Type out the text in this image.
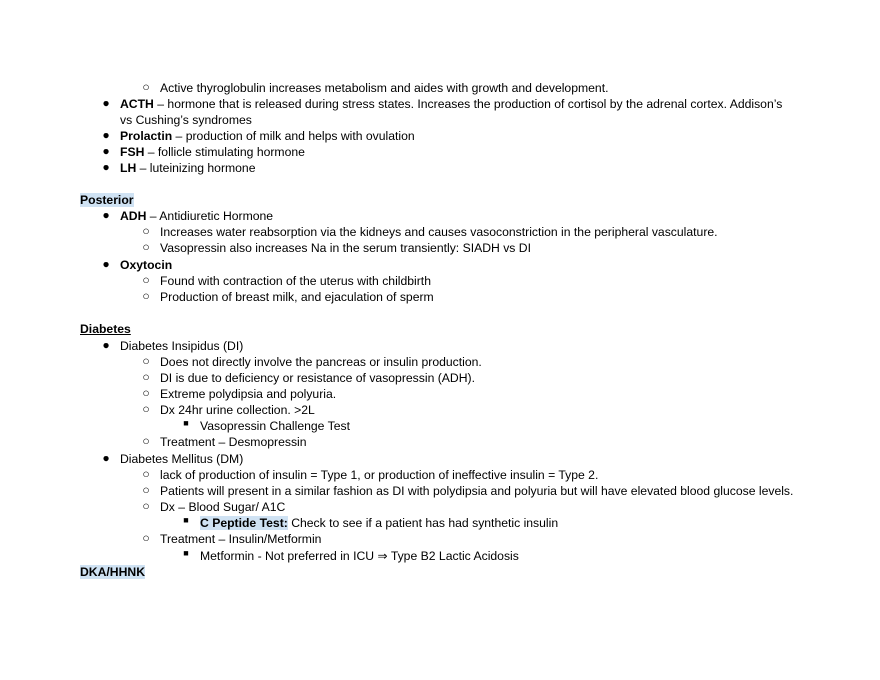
○ Active thyroglobulin increases metabolism and aides with growth and development.
● ACTH – hormone that is released during stress states. Increases the production of cortisol by the adrenal cortex. Addison’s
vs Cushing’s syndromes
● Prolactin – production of milk and helps with ovulation
● FSH – follicle stimulating hormone
● LH – luteinizing hormone
Posterior
● ADH – Antidiuretic Hormone
○ Increases water reabsorption via the kidneys and causes vasoconstriction in the peripheral vasculature.
○ Vasopressin also increases Na in the serum transiently: SIADH vs DI
● Oxytocin
○ Found with contraction of the uterus with childbirth
○ Production of breast milk, and ejaculation of sperm
Diabetes
● Diabetes Insipidus (DI)
○ Does not directly involve the pancreas or insulin production.
○ DI is due to deficiency or resistance of vasopressin (ADH).
○ Extreme polydipsia and polyuria.
○ Dx 24hr urine collection. >2L
■ Vasopressin Challenge Test
○ Treatment – Desmopressin
● Diabetes Mellitus (DM)
○ lack of production of insulin = Type 1, or production of ineffective insulin = Type 2.
○ Patients will present in a similar fashion as DI with polydipsia and polyuria but will have elevated blood glucose levels.
○ Dx – Blood Sugar/ A1C
■ C Peptide Test: Check to see if a patient has had synthetic insulin
○ Treatment – Insulin/Metformin
■ Metformin - Not preferred in ICU ⇒ Type B2 Lactic Acidosis
DKA/HHNK
